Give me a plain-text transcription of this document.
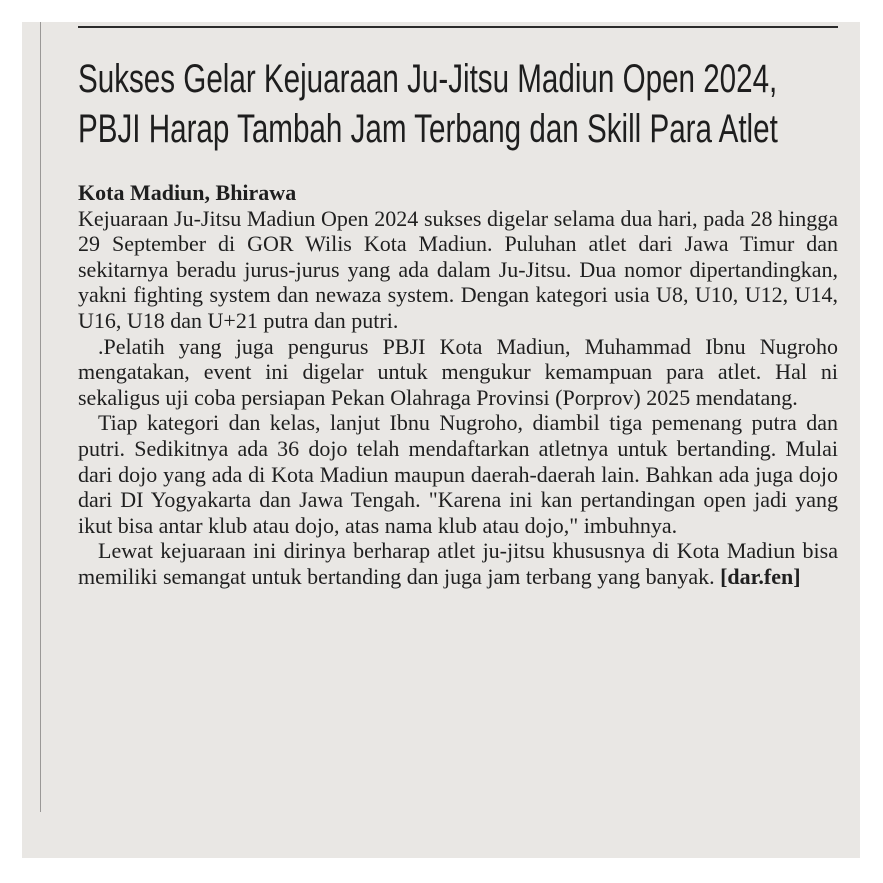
Sukses Gelar Kejuaraan Ju-Jitsu Madiun Open 2024,
PBJI Harap Tambah Jam Terbang dan Skill Para Atlet

Kota Madiun, Bhirawa

Kejuaraan Ju-Jitsu Madiun Open 2024 sukses digelar selama dua hari, pada 28 hingga 29 September di GOR Wilis Kota Madiun. Puluhan atlet dari Jawa Timur dan sekitarnya beradu jurus-jurus yang ada dalam Ju-Jitsu. Dua nomor dipertandingkan, yakni fighting system dan newaza system. Dengan kategori usia U8, U10, U12, U14, U16, U18 dan U+21 putra dan putri.

.Pelatih yang juga pengurus PBJI Kota Madiun, Muhammad Ibnu Nugroho mengatakan, event ini digelar untuk mengukur kemampuan para atlet. Hal ni sekaligus uji coba persiapan Pekan Olahraga Provinsi (Porprov) 2025 mendatang.

Tiap kategori dan kelas, lanjut Ibnu Nugroho, diambil tiga pemenang putra dan putri. Sedikitnya ada 36 dojo telah mendaftarkan atletnya untuk bertanding. Mulai dari dojo yang ada di Kota Madiun maupun daerah-daerah lain. Bahkan ada juga dojo dari DI Yogyakarta dan Jawa Tengah. "Karena ini kan pertandingan open jadi yang ikut bisa antar klub atau dojo, atas nama klub atau dojo," imbuhnya.

Lewat kejuaraan ini dirinya berharap atlet ju-jitsu khususnya di Kota Madiun bisa memiliki semangat untuk bertanding dan juga jam terbang yang banyak. [dar.fen]
